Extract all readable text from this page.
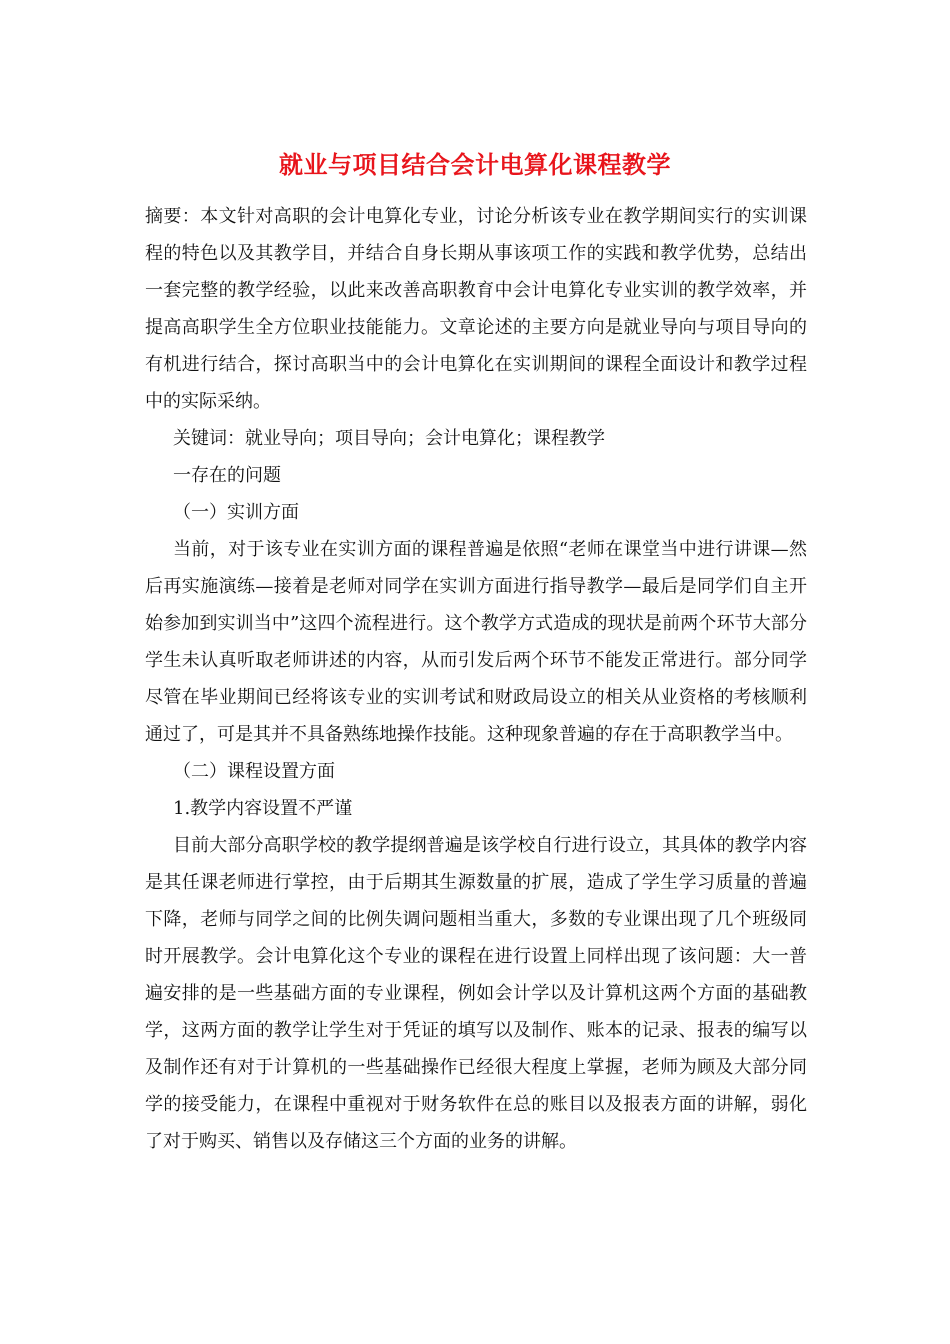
就业与项目结合会计电算化课程教学

摘要：本文针对高职的会计电算化专业，讨论分析该专业在教学期间实行的实训课程的特色以及其教学目，并结合自身长期从事该项工作的实践和教学优势，总结出一套完整的教学经验，以此来改善高职教育中会计电算化专业实训的教学效率，并提高高职学生全方位职业技能能力。文章论述的主要方向是就业导向与项目导向的有机进行结合，探讨高职当中的会计电算化在实训期间的课程全面设计和教学过程中的实际采纳。

关键词：就业导向；项目导向；会计电算化；课程教学

一存在的问题

（一）实训方面

当前，对于该专业在实训方面的课程普遍是依照“老师在课堂当中进行讲课—然后再实施演练—接着是老师对同学在实训方面进行指导教学—最后是同学们自主开始参加到实训当中”这四个流程进行。这个教学方式造成的现状是前两个环节大部分学生未认真听取老师讲述的内容，从而引发后两个环节不能发正常进行。部分同学尽管在毕业期间已经将该专业的实训考试和财政局设立的相关从业资格的考核顺利通过了，可是其并不具备熟练地操作技能。这种现象普遍的存在于高职教学当中。

（二）课程设置方面

1.教学内容设置不严谨

目前大部分高职学校的教学提纲普遍是该学校自行进行设立，其具体的教学内容是其任课老师进行掌控，由于后期其生源数量的扩展，造成了学生学习质量的普遍下降，老师与同学之间的比例失调问题相当重大，多数的专业课出现了几个班级同时开展教学。会计电算化这个专业的课程在进行设置上同样出现了该问题：大一普遍安排的是一些基础方面的专业课程，例如会计学以及计算机这两个方面的基础教学，这两方面的教学让学生对于凭证的填写以及制作、账本的记录、报表的编写以及制作还有对于计算机的一些基础操作已经很大程度上掌握，老师为顾及大部分同学的接受能力，在课程中重视对于财务软件在总的账目以及报表方面的讲解，弱化了对于购买、销售以及存储这三个方面的业务的讲解。
